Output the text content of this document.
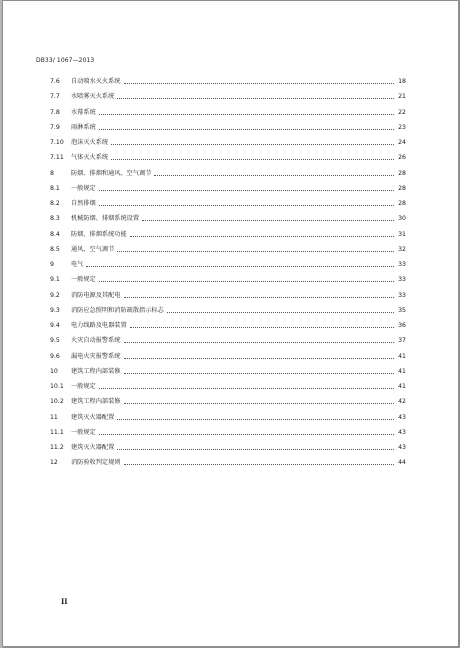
DB33/ 1067—2013
7.6	自动喷水灭火系统	18
7.7	水喷雾灭火系统	21
7.8	水幕系统	22
7.9	雨淋系统	23
7.10	泡沫灭火系统	24
7.11	气体灭火系统	26
8	防烟、排烟和通风、空气调节	28
8.1	一般规定	28
8.2	自然排烟	28
8.3	机械防烟、排烟系统设置	30
8.4	防烟、排烟系统功能	31
8.5	通风、空气调节	32
9	电气	33
9.1	一般规定	33
9.2	消防电源及其配电	33
9.3	消防应急照明和消防疏散指示标志	35
9.4	电力线路及电器装置	36
9.5	火灾自动报警系统	37
9.6	漏电火灾报警系统	41
10	建筑工程内部装修	41
10.1	一般规定	41
10.2	建筑工程内部装修	42
11	建筑灭火器配置	43
11.1	一般规定	43
11.2	建筑灭火器配置	43
12	消防验收判定规则	44
II
